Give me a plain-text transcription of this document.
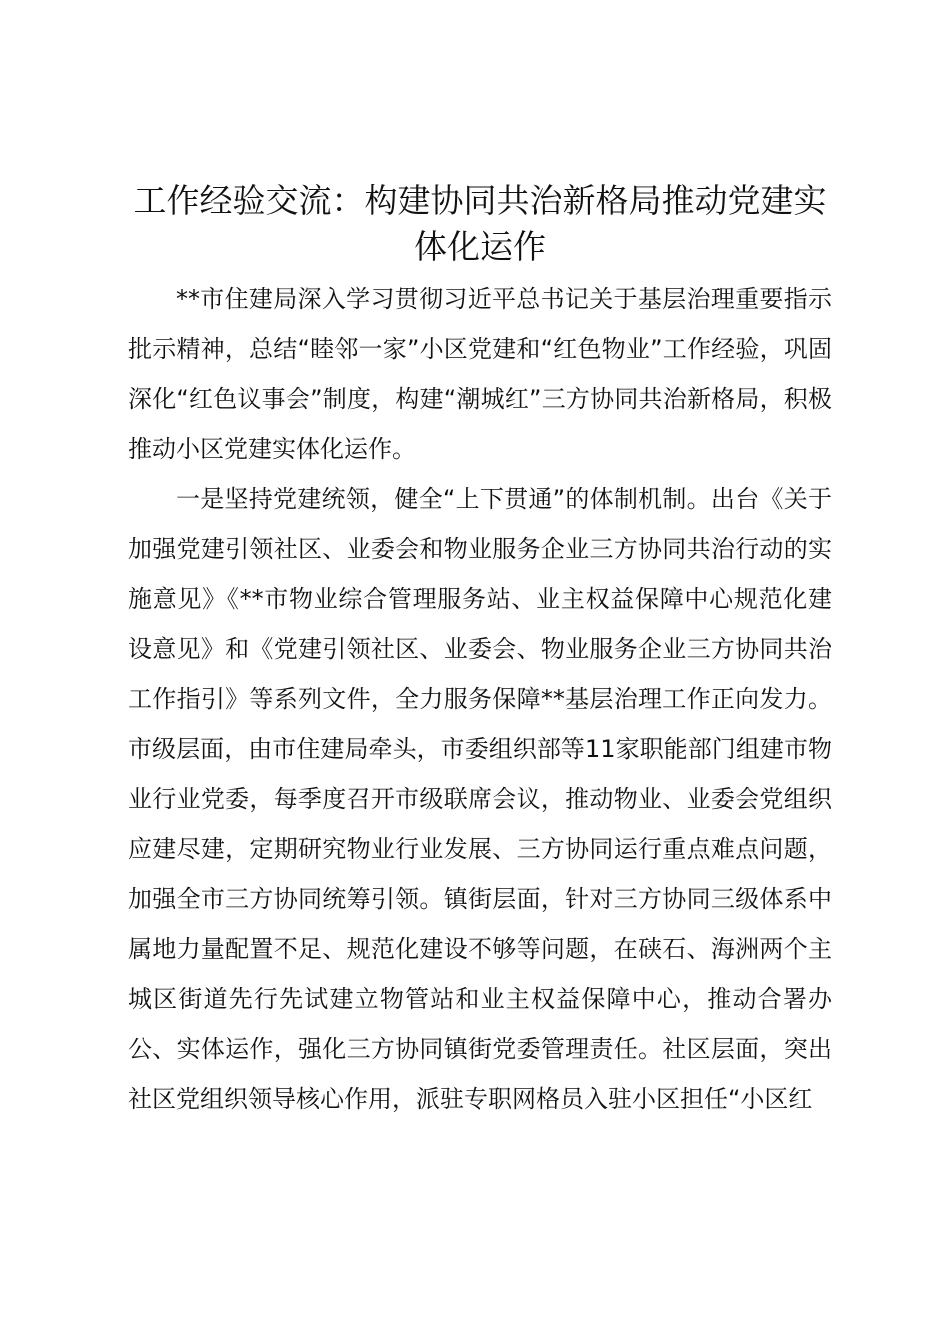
工作经验交流：构建协同共治新格局推动党建实体化运作

**市住建局深入学习贯彻习近平总书记关于基层治理重要指示批示精神，总结“睦邻一家”小区党建和“红色物业”工作经验，巩固深化“红色议事会”制度，构建“潮城红”三方协同共治新格局，积极推动小区党建实体化运作。

一是坚持党建统领，健全“上下贯通”的体制机制。出台《关于加强党建引领社区、业委会和物业服务企业三方协同共治行动的实施意见》《**市物业综合管理服务站、业主权益保障中心规范化建设意见》和《党建引领社区、业委会、物业服务企业三方协同共治工作指引》等系列文件，全力服务保障**基层治理工作正向发力。市级层面，由市住建局牵头，市委组织部等11家职能部门组建市物业行业党委，每季度召开市级联席会议，推动物业、业委会党组织应建尽建，定期研究物业行业发展、三方协同运行重点难点问题，加强全市三方协同统筹引领。镇街层面，针对三方协同三级体系中属地力量配置不足、规范化建设不够等问题，在硖石、海洲两个主城区街道先行先试建立物管站和业主权益保障中心，推动合署办公、实体运作，强化三方协同镇街党委管理责任。社区层面，突出社区党组织领导核心作用，派驻专职网格员入驻小区担任“小区红
